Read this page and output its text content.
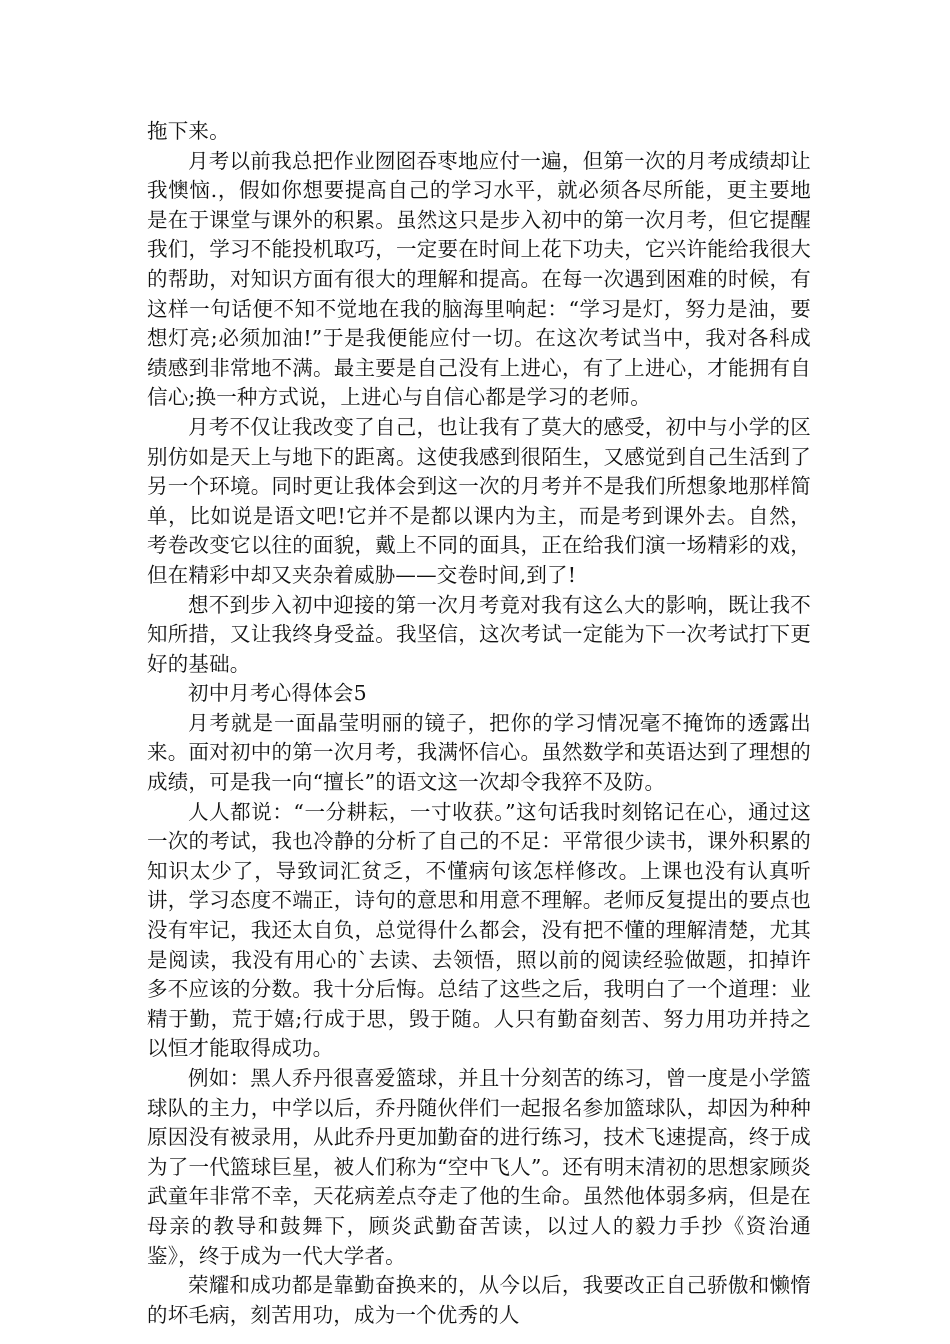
拖下来。

月考以前我总把作业囫囵吞枣地应付一遍，但第一次的月考成绩却让我懊恼.，假如你想要提高自己的学习水平，就必须各尽所能，更主要地是在于课堂与课外的积累。虽然这只是步入初中的第一次月考，但它提醒我们，学习不能投机取巧，一定要在时间上花下功夫，它兴许能给我很大的帮助，对知识方面有很大的理解和提高。在每一次遇到困难的时候，有这样一句话便不知不觉地在我的脑海里响起：“学习是灯，努力是油，要想灯亮;必须加油!”于是我便能应付一切。在这次考试当中，我对各科成绩感到非常地不满。最主要是自己没有上进心，有了上进心，才能拥有自信心;换一种方式说，上进心与自信心都是学习的老师。

月考不仅让我改变了自己，也让我有了莫大的感受，初中与小学的区别仿如是天上与地下的距离。这使我感到很陌生，又感觉到自己生活到了另一个环境。同时更让我体会到这一次的月考并不是我们所想象地那样简单，比如说是语文吧!它并不是都以课内为主，而是考到课外去。自然，考卷改变它以往的面貌，戴上不同的面具，正在给我们演一场精彩的戏，但在精彩中却又夹杂着威胁——交卷时间,到了!

想不到步入初中迎接的第一次月考竟对我有这么大的影响，既让我不知所措，又让我终身受益。我坚信，这次考试一定能为下一次考试打下更好的基础。

初中月考心得体会5

月考就是一面晶莹明丽的镜子，把你的学习情况毫不掩饰的透露出来。面对初中的第一次月考，我满怀信心。虽然数学和英语达到了理想的成绩，可是我一向“擅长”的语文这一次却令我猝不及防。

人人都说：“一分耕耘，一寸收获。”这句话我时刻铭记在心，通过这一次的考试，我也冷静的分析了自己的不足：平常很少读书，课外积累的知识太少了，导致词汇贫乏，不懂病句该怎样修改。上课也没有认真听讲，学习态度不端正，诗句的意思和用意不理解。老师反复提出的要点也没有牢记，我还太自负，总觉得什么都会，没有把不懂的理解清楚，尤其是阅读，我没有用心的`去读、去领悟，照以前的阅读经验做题，扣掉许多不应该的分数。我十分后悔。总结了这些之后，我明白了一个道理：业精于勤，荒于嬉;行成于思，毁于随。人只有勤奋刻苦、努力用功并持之以恒才能取得成功。

例如：黑人乔丹很喜爱篮球，并且十分刻苦的练习，曾一度是小学篮球队的主力，中学以后，乔丹随伙伴们一起报名参加篮球队，却因为种种原因没有被录用，从此乔丹更加勤奋的进行练习，技术飞速提高，终于成为了一代篮球巨星，被人们称为“空中飞人”。还有明末清初的思想家顾炎武童年非常不幸，天花病差点夺走了他的生命。虽然他体弱多病，但是在母亲的教导和鼓舞下，顾炎武勤奋苦读，以过人的毅力手抄《资治通鉴》，终于成为一代大学者。

荣耀和成功都是靠勤奋换来的，从今以后，我要改正自己骄傲和懒惰的坏毛病，刻苦用功，成为一个优秀的人
